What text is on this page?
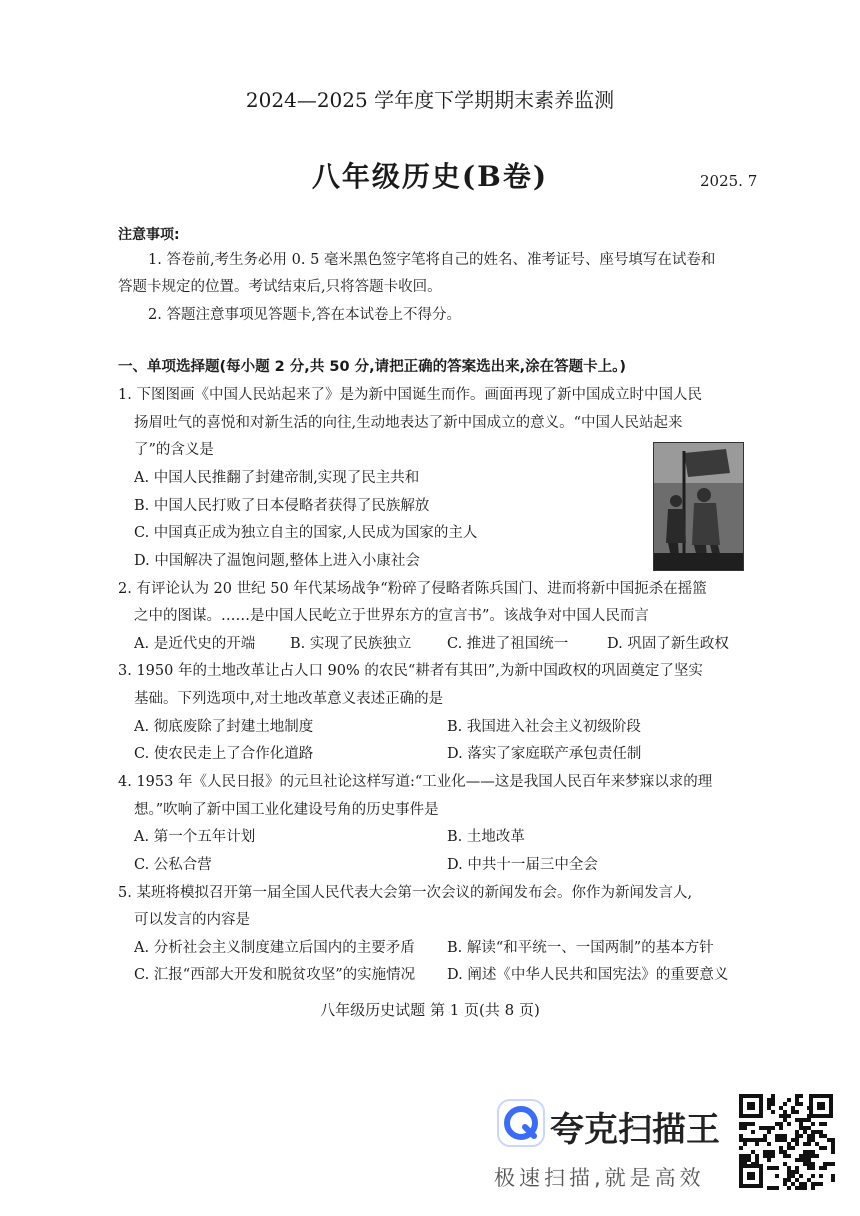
2024—2025 学年度下学期期末素养监测
八年级历史(B卷)	2025. 7
注意事项:
1. 答卷前,考生务必用 0. 5 毫米黑色签字笔将自己的姓名、准考证号、座号填写在试卷和
答题卡规定的位置。考试结束后,只将答题卡收回。
2. 答题注意事项见答题卡,答在本试卷上不得分。
一、单项选择题(每小题 2 分,共 50 分,请把正确的答案选出来,涂在答题卡上。)
1. 下图图画《中国人民站起来了》是为新中国诞生而作。画面再现了新中国成立时中国人民
扬眉吐气的喜悦和对新生活的向往,生动地表达了新中国成立的意义。“中国人民站起来
了”的含义是
A. 中国人民推翻了封建帝制,实现了民主共和
B. 中国人民打败了日本侵略者获得了民族解放
C. 中国真正成为独立自主的国家,人民成为国家的主人
D. 中国解决了温饱问题,整体上进入小康社会
2. 有评论认为 20 世纪 50 年代某场战争“粉碎了侵略者陈兵国门、进而将新中国扼杀在摇篮
之中的图谋。……是中国人民屹立于世界东方的宣言书”。该战争对中国人民而言
A. 是近代史的开端 B. 实现了民族独立 C. 推进了祖国统一	D. 巩固了新生政权
3. 1950 年的土地改革让占人口 90% 的农民“耕者有其田”,为新中国政权的巩固奠定了坚实
基础。下列选项中,对土地改革意义表述正确的是
A. 彻底废除了封建土地制度	B. 我国进入社会主义初级阶段
C. 使农民走上了合作化道路	D. 落实了家庭联产承包责任制
4. 1953 年《人民日报》的元旦社论这样写道:“工业化——这是我国人民百年来梦寐以求的理
想。”吹响了新中国工业化建设号角的历史事件是
A. 第一个五年计划	B. 土地改革
C. 公私合营	D. 中共十一届三中全会
5. 某班将模拟召开第一届全国人民代表大会第一次会议的新闻发布会。你作为新闻发言人,
可以发言的内容是
A. 分析社会主义制度建立后国内的主要矛盾 B. 解读“和平统一、一国两制”的基本方针
C. 汇报“西部大开发和脱贫攻坚”的实施情况 D. 阐述《中华人民共和国宪法》的重要意义
八年级历史试题 第 1 页(共 8 页)
夸克扫描王
极速扫描,就是高效
